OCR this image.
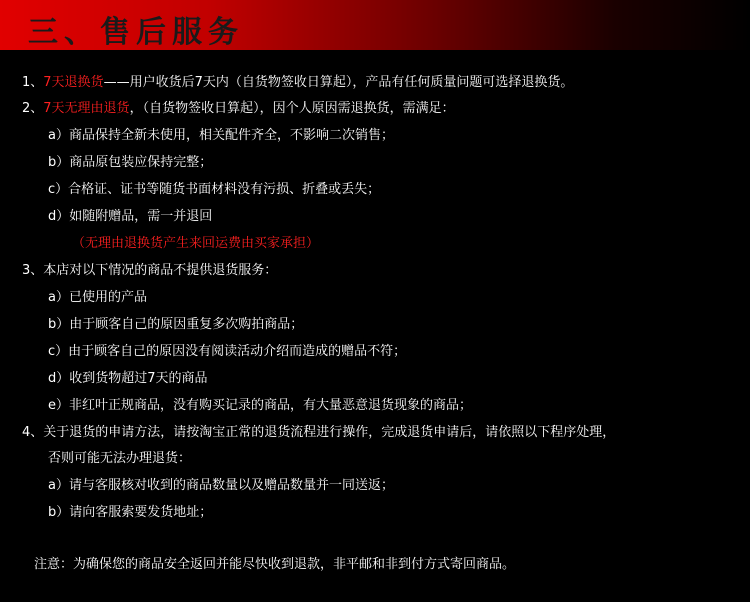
三、售后服务
1、7天退换货——用户收货后7天内（自货物签收日算起），产品有任何质量问题可选择退换货。
2、7天无理由退货，（自货物签收日算起），因个人原因需退换货，需满足：
a）商品保持全新未使用，相关配件齐全，不影响二次销售；
b）商品原包装应保持完整；
c）合格证、证书等随货书面材料没有污损、折叠或丢失；
d）如随附赠品，需一并退回
（无理由退换货产生来回运费由买家承担）
3、本店对以下情况的商品不提供退货服务：
a）已使用的产品
b）由于顾客自己的原因重复多次购拍商品；
c）由于顾客自己的原因没有阅读活动介绍而造成的赠品不符；
d）收到货物超过7天的商品
e）非红叶正规商品，没有购买记录的商品，有大量恶意退货现象的商品；
4、关于退货的申请方法，请按淘宝正常的退货流程进行操作，完成退货申请后，请依照以下程序处理，
否则可能无法办理退货：
a）请与客服核对收到的商品数量以及赠品数量并一同送返；
b）请向客服索要发货地址；
注意：为确保您的商品安全返回并能尽快收到退款，非平邮和非到付方式寄回商品。
